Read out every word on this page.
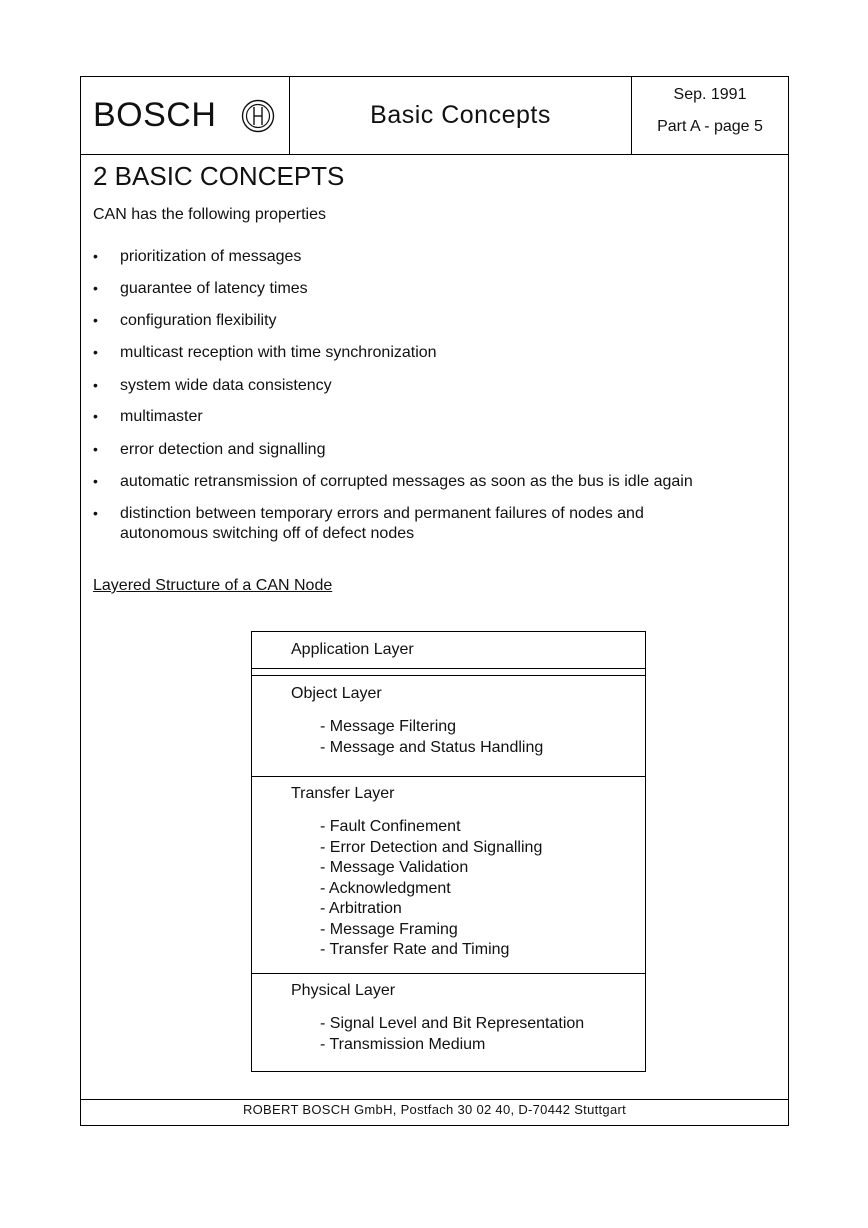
BOSCH	Basic Concepts
Sep. 1991
Part A - page 5
2 BASIC CONCEPTS
CAN has the following properties
• prioritization of messages
• guarantee of latency times
• configuration flexibility
• multicast reception with time synchronization
• system wide data consistency
• multimaster
• error detection and signalling
• automatic retransmission of corrupted messages as soon as the bus is idle again
• distinction between temporary errors and permanent failures of nodes and autonomous switching off of defect nodes
Layered Structure of a CAN Node
Application Layer
Object Layer
- Message Filtering
- Message and Status Handling
Transfer Layer
- Fault Confinement
- Error Detection and Signalling
- Message Validation
- Acknowledgment
- Arbitration
- Message Framing
- Transfer Rate and Timing
Physical Layer
- Signal Level and Bit Representation
- Transmission Medium
ROBERT BOSCH GmbH, Postfach 30 02 40, D-70442 Stuttgart
